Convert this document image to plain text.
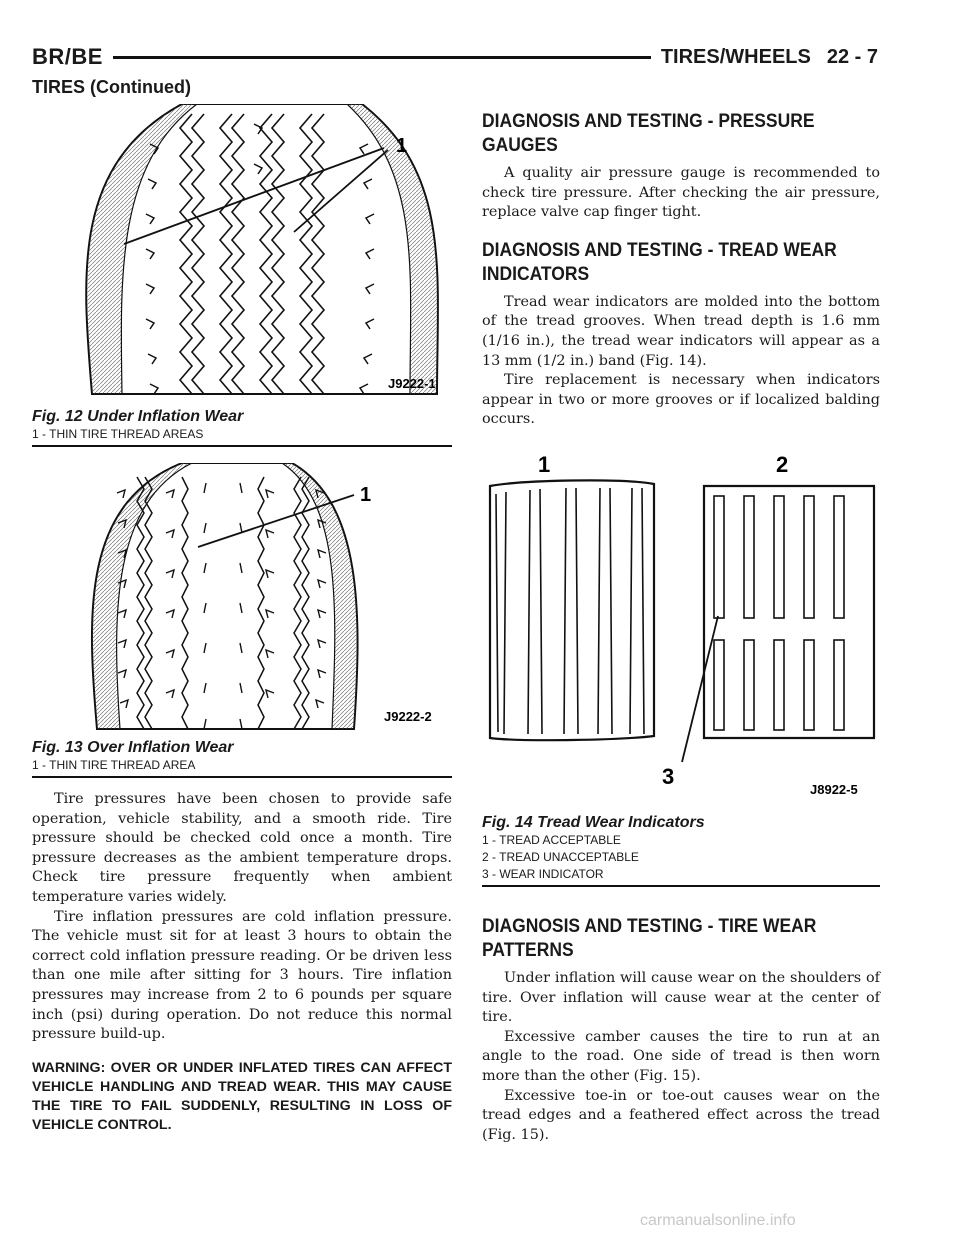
BR/BE	TIRES/WHEELS 22 - 7
TIRES (Continued)
1
J9222-1
Fig. 12 Under Inflation Wear
1 - THIN TIRE THREAD AREAS
1
J9222-2
Fig. 13 Over Inflation Wear
1 - THIN TIRE THREAD AREA

Tire pressures have been chosen to provide safe operation, vehicle stability, and a smooth ride. Tire pressure should be checked cold once a month. Tire pressure decreases as the ambient temperature drops. Check tire pressure frequently when ambient temperature varies widely.

Tire inflation pressures are cold inflation pressure. The vehicle must sit for at least 3 hours to obtain the correct cold inflation pressure reading. Or be driven less than one mile after sitting for 3 hours. Tire inflation pressures may increase from 2 to 6 pounds per square inch (psi) during operation. Do not reduce this normal pressure build-up.

WARNING: OVER OR UNDER INFLATED TIRES CAN AFFECT VEHICLE HANDLING AND TREAD WEAR. THIS MAY CAUSE THE TIRE TO FAIL SUDDENLY, RESULTING IN LOSS OF VEHICLE CONTROL.

DIAGNOSIS AND TESTING - PRESSURE GAUGES

A quality air pressure gauge is recommended to check tire pressure. After checking the air pressure, replace valve cap finger tight.

DIAGNOSIS AND TESTING - TREAD WEAR INDICATORS

Tread wear indicators are molded into the bottom of the tread grooves. When tread depth is 1.6 mm (1/16 in.), the tread wear indicators will appear as a 13 mm (1/2 in.) band (Fig. 14).

Tire replacement is necessary when indicators appear in two or more grooves or if localized balding occurs.

1	2
3
J8922-5
Fig. 14 Tread Wear Indicators
1 - TREAD ACCEPTABLE
2 - TREAD UNACCEPTABLE
3 - WEAR INDICATOR
DIAGNOSIS AND TESTING - TIRE WEAR PATTERNS

Under inflation will cause wear on the shoulders of tire. Over inflation will cause wear at the center of tire.

Excessive camber causes the tire to run at an angle to the road. One side of tread is then worn more than the other (Fig. 15).

Excessive toe-in or toe-out causes wear on the tread edges and a feathered effect across the tread (Fig. 15).

carmanualsonline.info
